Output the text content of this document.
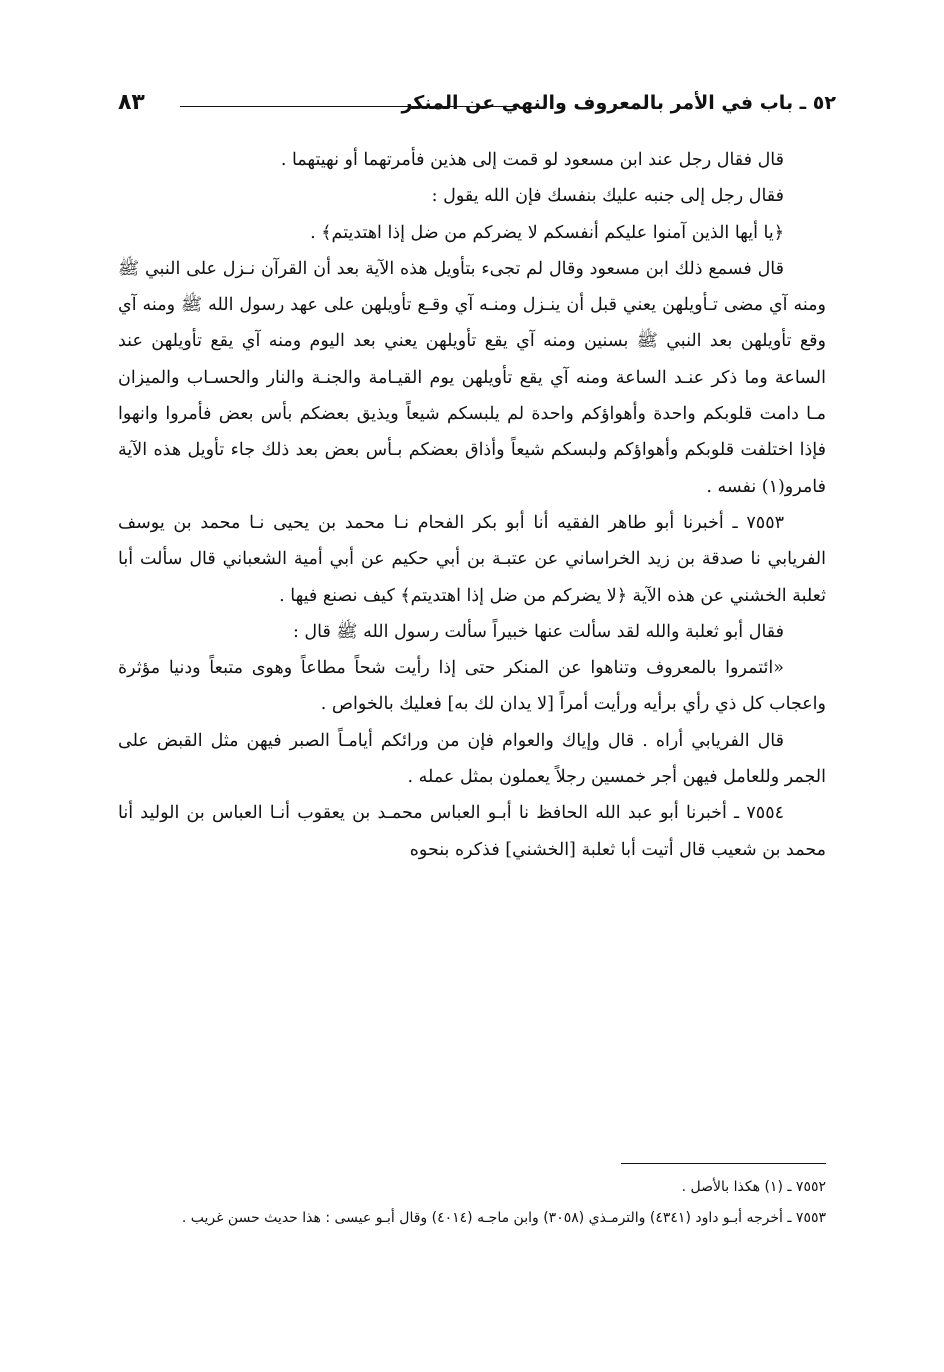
٥٢ ـ باب في الأمر بالمعروف والنهي عن المنكر
٨٣

قال فقال رجل عند ابن مسعود لو قمت إلى هذين فأمرتهما أو نهيتهما .

فقال رجل إلى جنبه عليك بنفسك فإن الله يقول :

﴿يا أيها الذين آمنوا عليكم أنفسكم لا يضركم من ضل إذا اهتديتم﴾ .

قال فسمع ذلك ابن مسعود وقال لم تجىء بتأويل هذه الآية بعد أن القرآن نـزل على النبي ﷺ ومنه آي مضى تـأويلهن يعني قبل أن ينـزل ومنـه آي وقـع تأويلهن على عهد رسول الله ﷺ ومنه آي وقع تأويلهن بعد النبي ﷺ بسنين ومنه آي يقع تأويلهن يعني بعد اليوم ومنه آي يقع تأويلهن عند الساعة وما ذكر عنـد الساعة ومنه آي يقع تأويلهن يوم القيـامة والجنـة والنار والحسـاب والميزان مـا دامت قلوبكم واحدة وأهواؤكم واحدة لم يلبسكم شيعاً ويذيق بعضكم بأس بعض فأمروا وانهوا فإذا اختلفت قلوبكم وأهواؤكم ولبسكم شيعاً وأذاق بعضكم بـأس بعض بعد ذلك جاء تأويل هذه الآية فامرو(١) نفسه .

٧٥٥٣ ـ أخبرنا أبو طاهر الفقيه أنا أبو بكر الفحام نـا محمد بن يحيى نـا محمد بن يوسف الفريابي نا صدقة بن زيد الخراساني عن عتبـة بن أبي حكيم عن أبي أمية الشعباني قال سألت أبا ثعلبة الخشني عن هذه الآية ﴿لا يضركم من ضل إذا اهتديتم﴾ كيف نصنع فيها .

فقال أبو ثعلبة والله لقد سألت عنها خبيراً سألت رسول الله ﷺ قال :

«ائتمروا بالمعروف وتناهوا عن المنكر حتى إذا رأيت شحاً مطاعاً وهوى متبعاً ودنيا مؤثرة واعجاب كل ذي رأي برأيه ورأيت أمراً [لا يدان لك به] فعليك بالخواص .

قال الفريابي أراه . قال وإياك والعوام فإن من ورائكم أيامـاً الصبر فيهن مثل القبض على الجمر وللعامل فيهن أجر خمسين رجلاً يعملون بمثل عمله .

٧٥٥٤ ـ أخبرنا أبو عبد الله الحافظ نا أبـو العباس محمـد بن يعقوب أنـا العباس بن الوليد أنا محمد بن شعيب قال أتيت أبا ثعلبة [الخشني] فذكره بنحوه

٧٥٥٢ ـ (١) هكذا بالأصل .

٧٥٥٣ ـ أخرجه أبـو داود (٤٣٤١) والترمـذي (٣٠٥٨) وابن ماجـه (٤٠١٤) وقال أبـو عيسى : هذا حديث حسن غريب .
